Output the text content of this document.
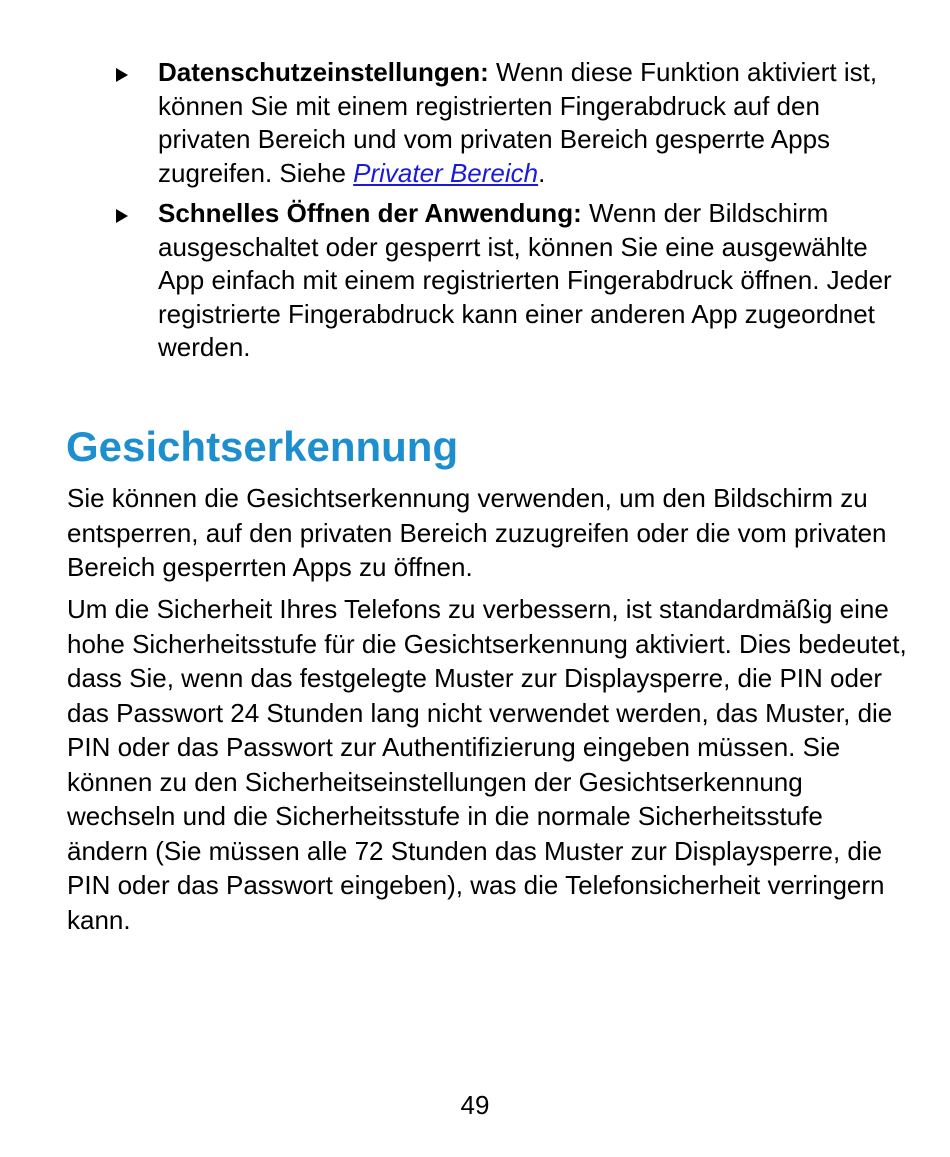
Datenschutzeinstellungen: Wenn diese Funktion aktiviert ist, können Sie mit einem registrierten Fingerabdruck auf den privaten Bereich und vom privaten Bereich gesperrte Apps zugreifen. Siehe Privater Bereich.
Schnelles Öffnen der Anwendung: Wenn der Bildschirm ausgeschaltet oder gesperrt ist, können Sie eine ausgewählte App einfach mit einem registrierten Fingerabdruck öffnen. Jeder registrierte Fingerabdruck kann einer anderen App zugeordnet werden.
Gesichtserkennung

Sie können die Gesichtserkennung verwenden, um den Bildschirm zu entsperren, auf den privaten Bereich zuzugreifen oder die vom privaten Bereich gesperrten Apps zu öffnen.

Um die Sicherheit Ihres Telefons zu verbessern, ist standardmäßig eine hohe Sicherheitsstufe für die Gesichtserkennung aktiviert. Dies bedeutet, dass Sie, wenn das festgelegte Muster zur Displaysperre, die PIN oder das Passwort 24 Stunden lang nicht verwendet werden, das Muster, die PIN oder das Passwort zur Authentifizierung eingeben müssen. Sie können zu den Sicherheitseinstellungen der Gesichtserkennung wechseln und die Sicherheitsstufe in die normale Sicherheitsstufe ändern (Sie müssen alle 72 Stunden das Muster zur Displaysperre, die PIN oder das Passwort eingeben), was die Telefonsicherheit verringern kann.

49
